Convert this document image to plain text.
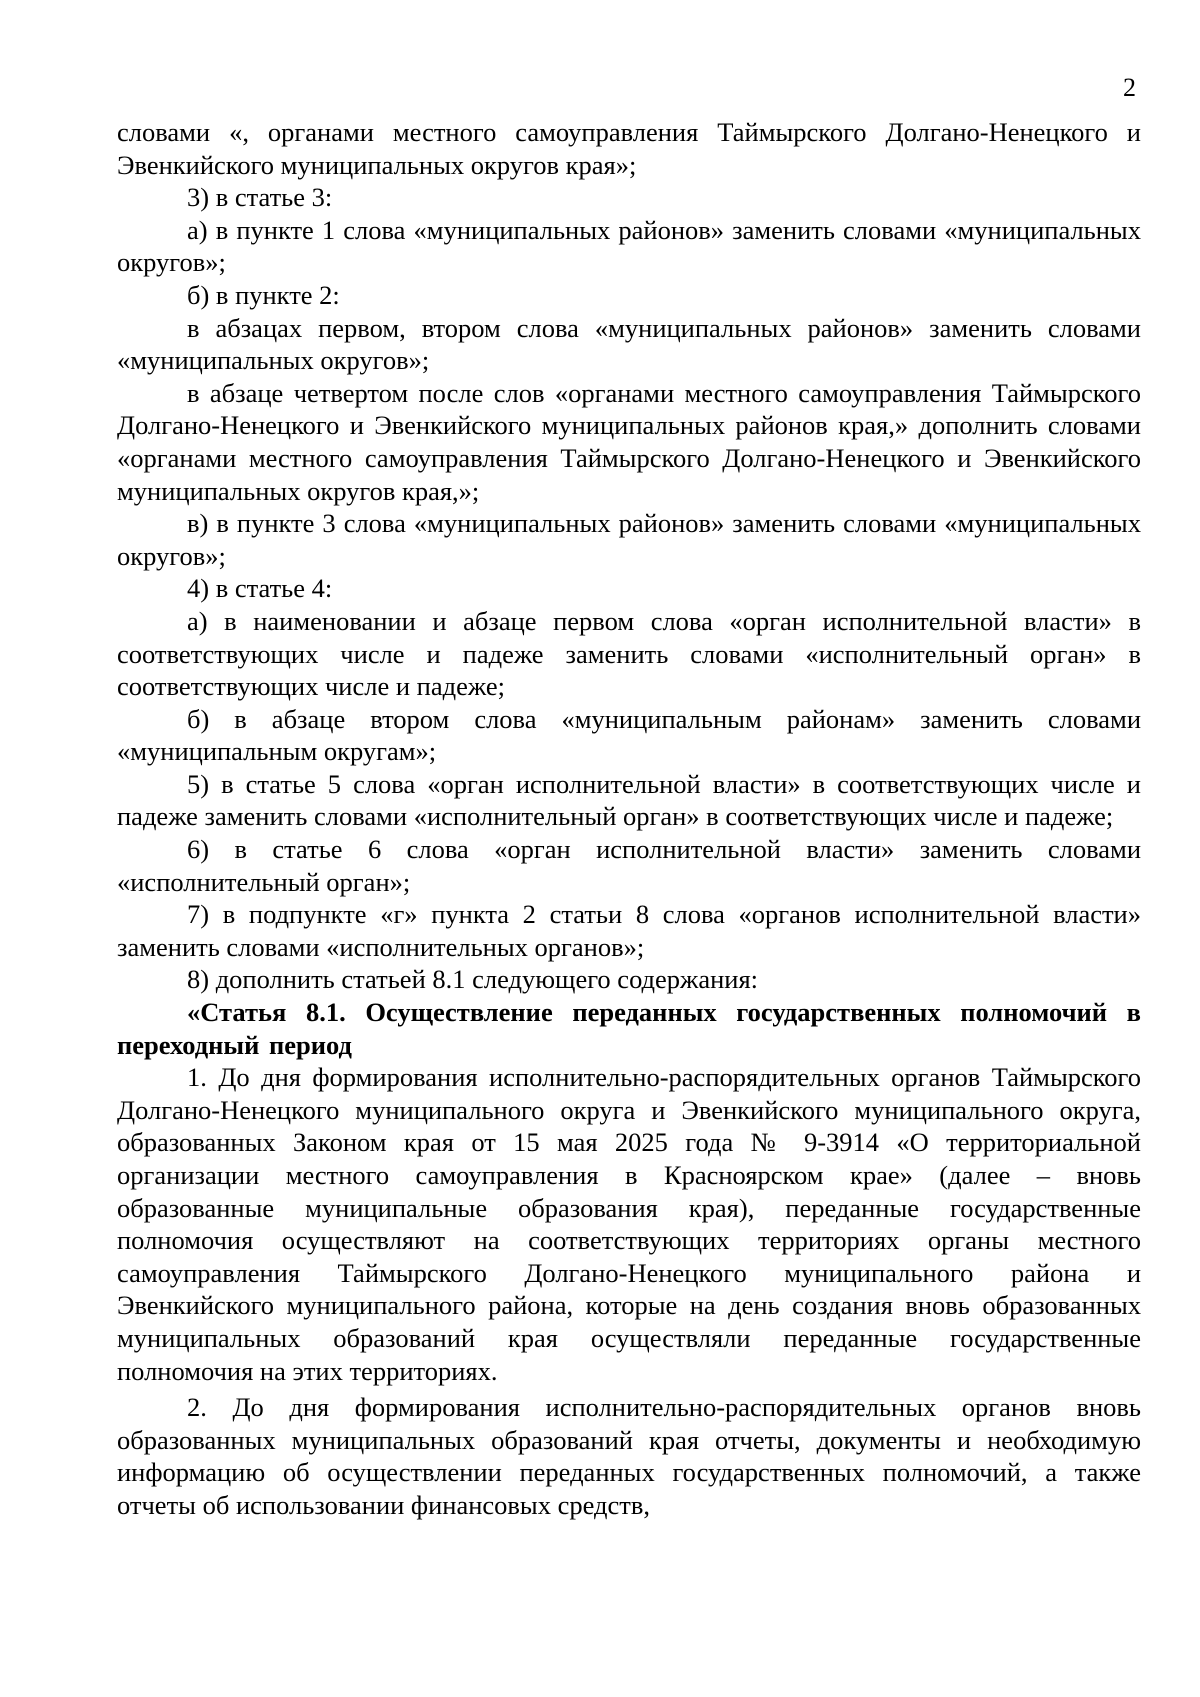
2

словами «, органами местного самоуправления Таймырского Долгано-Ненецкого и Эвенкийского муниципальных округов края»;

3) в статье 3:

а) в пункте 1 слова «муниципальных районов» заменить словами «муниципальных округов»;

б) в пункте 2:

в абзацах первом, втором слова «муниципальных районов» заменить словами «муниципальных округов»;

в абзаце четвертом после слов «органами местного самоуправления Таймырского Долгано-Ненецкого и Эвенкийского муниципальных районов края,» дополнить словами «органами местного самоуправления Таймырского Долгано-Ненецкого и Эвенкийского муниципальных округов края,»;

в) в пункте 3 слова «муниципальных районов» заменить словами «муниципальных округов»;

4) в статье 4:

а) в наименовании и абзаце первом слова «орган исполнительной власти» в соответствующих числе и падеже заменить словами «исполнительный орган» в соответствующих числе и падеже;

б) в абзаце втором слова «муниципальным районам» заменить словами «муниципальным округам»;

5) в статье 5 слова «орган исполнительной власти» в соответствующих числе и падеже заменить словами «исполнительный орган» в соответствующих числе и падеже;

6) в статье 6 слова «орган исполнительной власти» заменить словами «исполнительный орган»;

7) в подпункте «г» пункта 2 статьи 8 слова «органов исполнительной власти» заменить словами «исполнительных органов»;

8) дополнить статьей 8.1 следующего содержания:

«Статья 8.1. Осуществление переданных государственных полномочий в переходный период

1. До дня формирования исполнительно-распорядительных органов Таймырского Долгано-Ненецкого муниципального округа и Эвенкийского муниципального округа, образованных Законом края от 15 мая 2025 года № 9-3914 «О территориальной организации местного самоуправления в Красноярском крае» (далее – вновь образованные муниципальные образования края), переданные государственные полномочия осуществляют на соответствующих территориях органы местного самоуправления Таймырского Долгано-Ненецкого муниципального района и Эвенкийского муниципального района, которые на день создания вновь образованных муниципальных образований края осуществляли переданные государственные полномочия на этих территориях.

2. До дня формирования исполнительно-распорядительных органов вновь образованных муниципальных образований края отчеты, документы и необходимую информацию об осуществлении переданных государственных полномочий, а также отчеты об использовании финансовых средств,
